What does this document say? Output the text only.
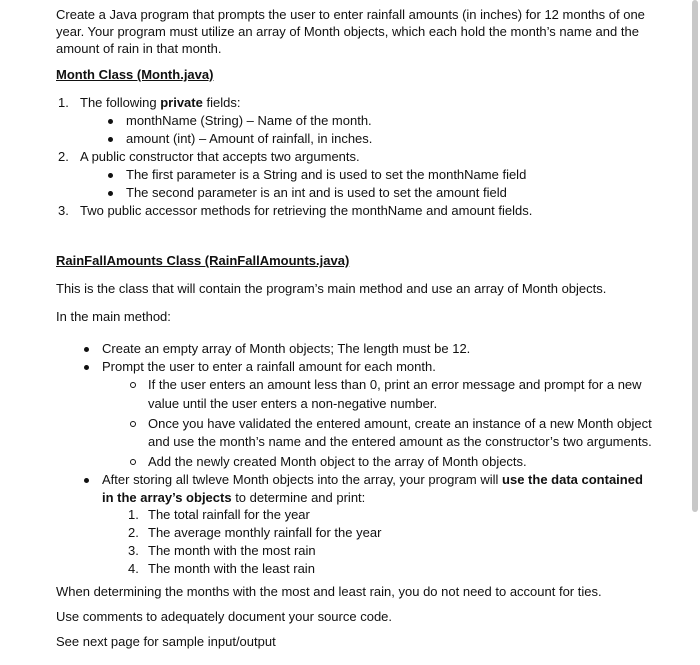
Create a Java program that prompts the user to enter rainfall amounts (in inches) for 12 months of one
year. Your program must utilize an array of Month objects, which each hold the month’s name and the
amount of rain in that month.
Month Class (Month.java)
1. The following private fields:
monthName (String) – Name of the month.
amount (int) – Amount of rainfall, in inches.
2. A public constructor that accepts two arguments.
The first parameter is a String and is used to set the monthName field
The second parameter is an int and is used to set the amount field
3. Two public accessor methods for retrieving the monthName and amount fields.
RainFallAmounts Class (RainFallAmounts.java)
This is the class that will contain the program’s main method and use an array of Month objects.
In the main method:
Create an empty array of Month objects; The length must be 12.
Prompt the user to enter a rainfall amount for each month.
If the user enters an amount less than 0, print an error message and prompt for a new
value until the user enters a non-negative number.
Once you have validated the entered amount, create an instance of a new Month object
and use the month’s name and the entered amount as the constructor’s two arguments.
Add the newly created Month object to the array of Month objects.
After storing all twleve Month objects into the array, your program will use the data contained
in the array’s objects to determine and print:
1. The total rainfall for the year
2. The average monthly rainfall for the year
3. The month with the most rain
4. The month with the least rain
When determining the months with the most and least rain, you do not need to account for ties.
Use comments to adequately document your source code.
See next page for sample input/output
